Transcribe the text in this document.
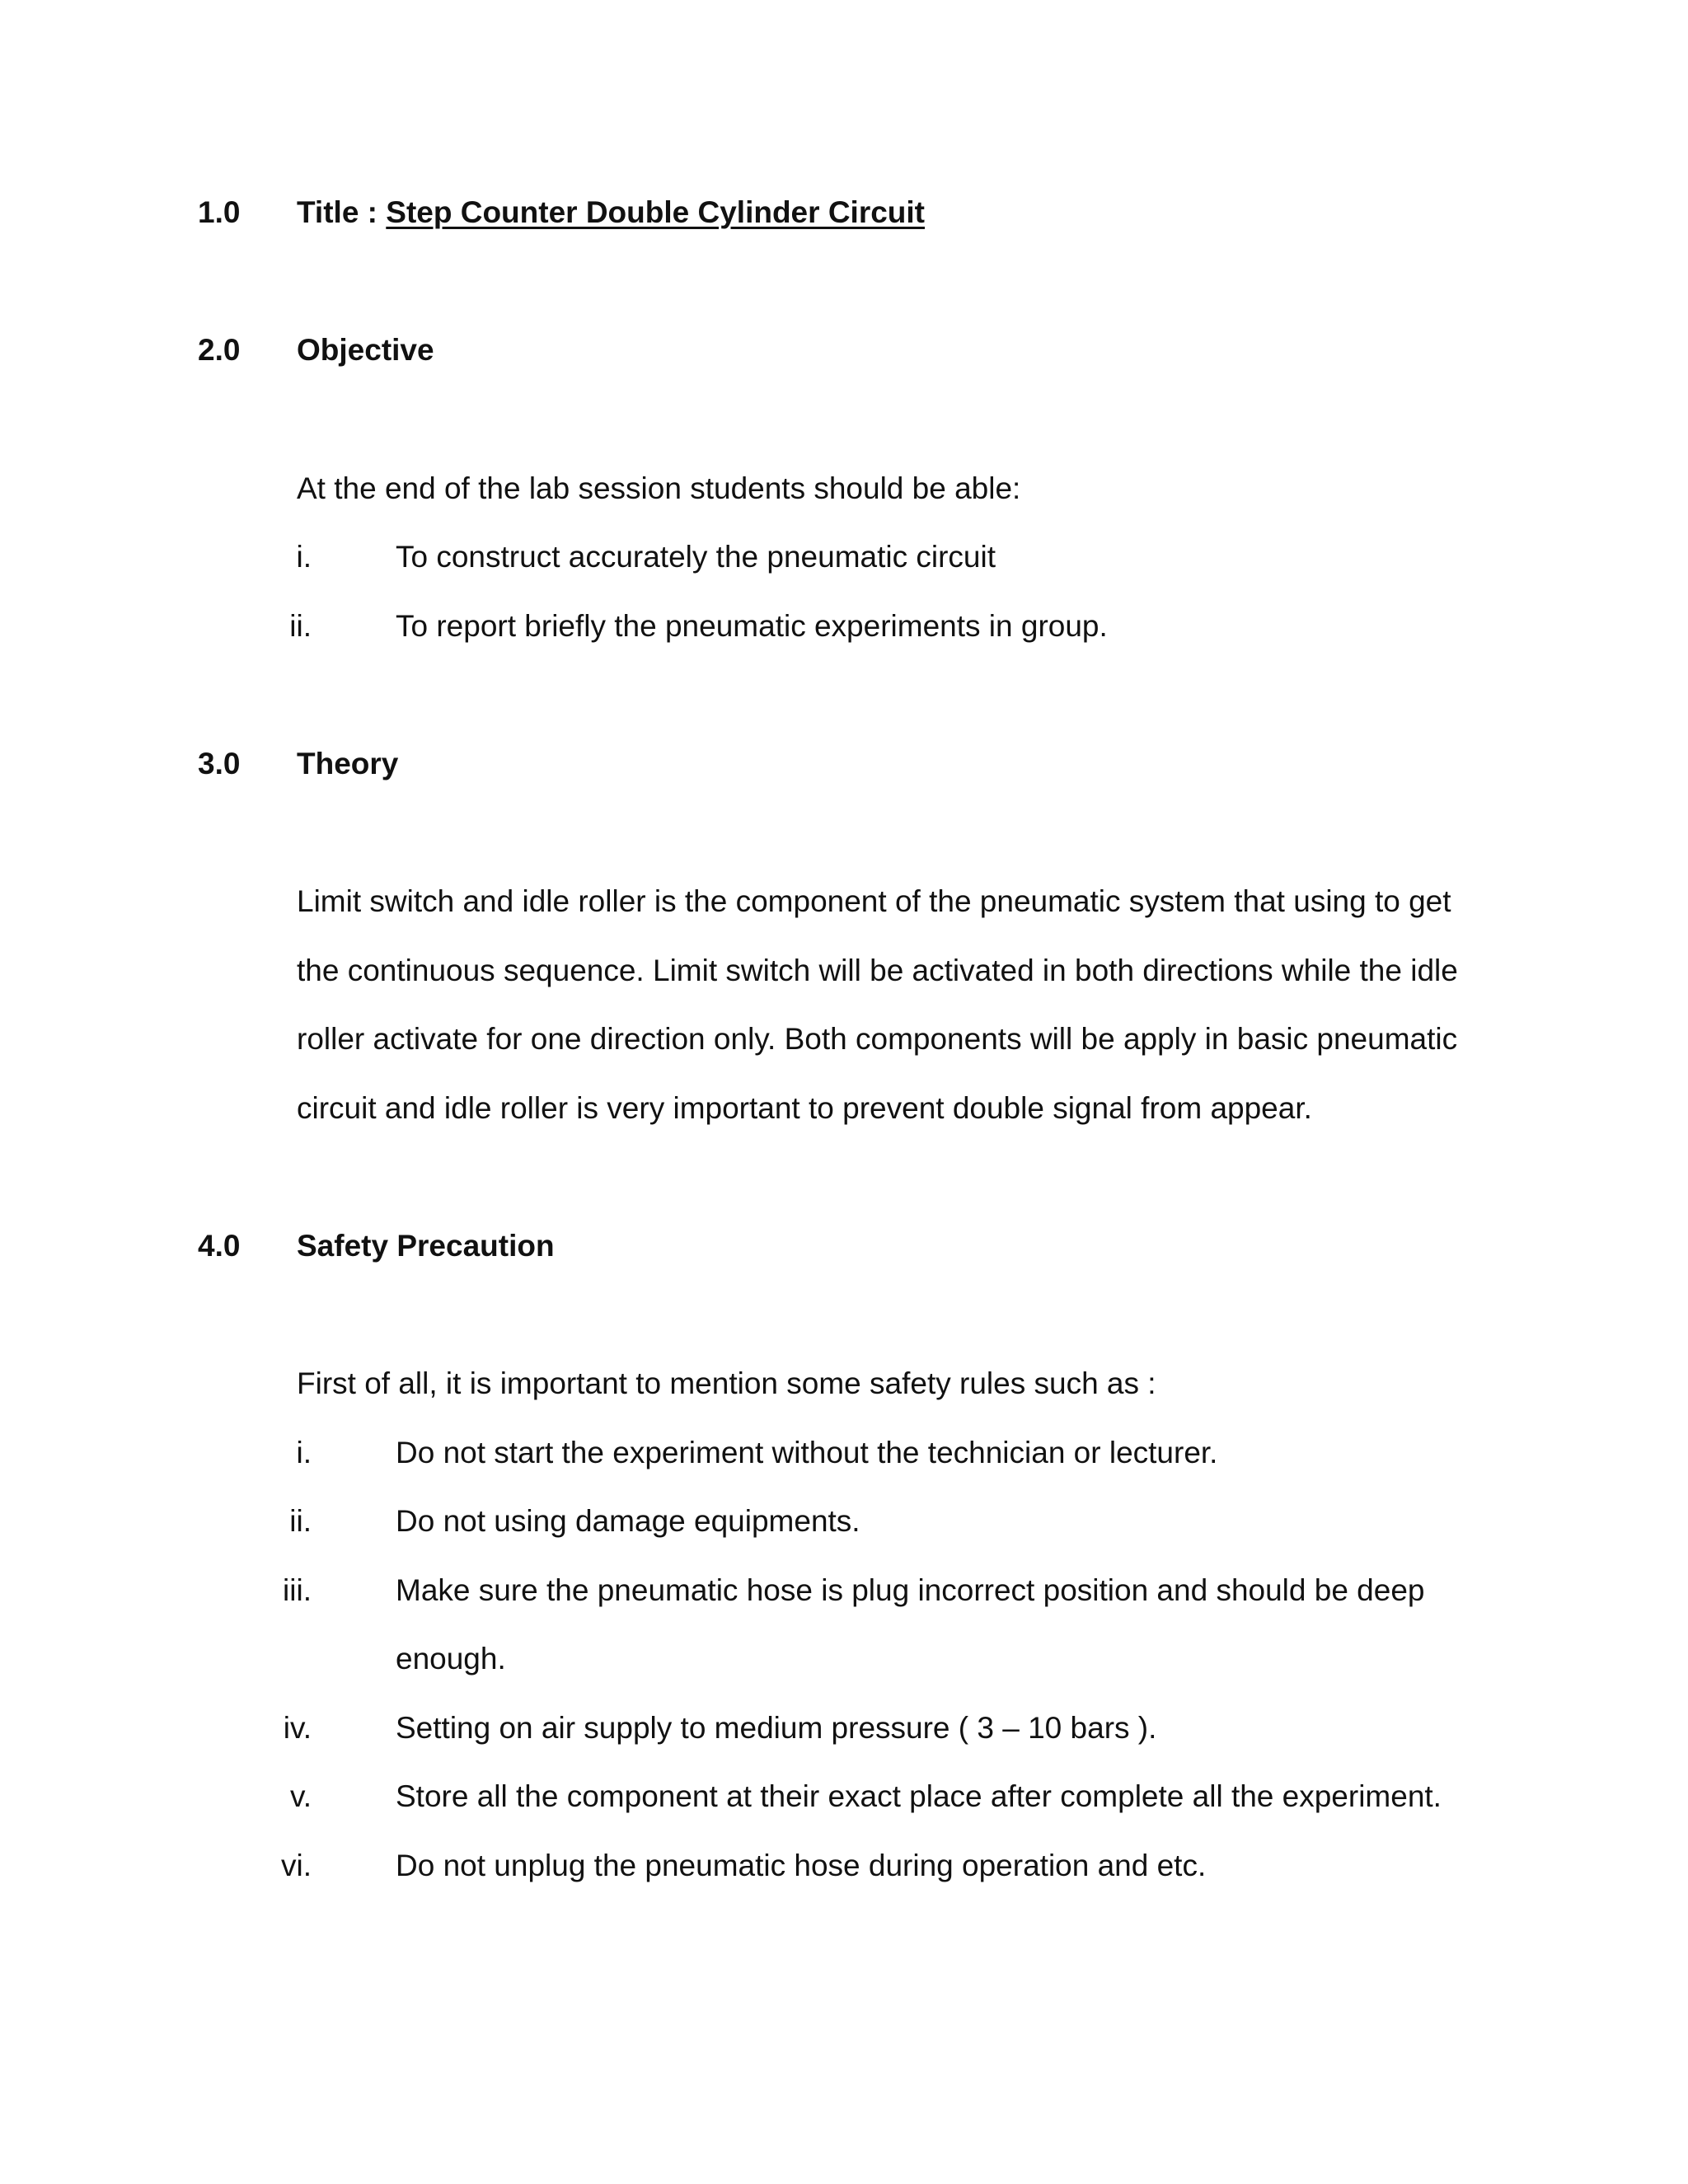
1.0 Title : Step Counter Double Cylinder Circuit
2.0 Objective
At the end of the lab session students should be able:
i.	To construct accurately the pneumatic circuit
ii.	To report briefly the pneumatic experiments in group.
3.0 Theory
Limit switch and idle roller is the component of the pneumatic system that using to get
the continuous sequence. Limit switch will be activated in both directions while the idle
roller activate for one direction only. Both components will be apply in basic pneumatic
circuit and idle roller is very important to prevent double signal from appear.
4.0 Safety Precaution
First of all, it is important to mention some safety rules such as :
i.	Do not start the experiment without the technician or lecturer.
ii.	Do not using damage equipments.
iii.	Make sure the pneumatic hose is plug incorrect position and should be deep
enough.
iv.	Setting on air supply to medium pressure ( 3 – 10 bars ).
v.	Store all the component at their exact place after complete all the experiment.
vi.	Do not unplug the pneumatic hose during operation and etc.
